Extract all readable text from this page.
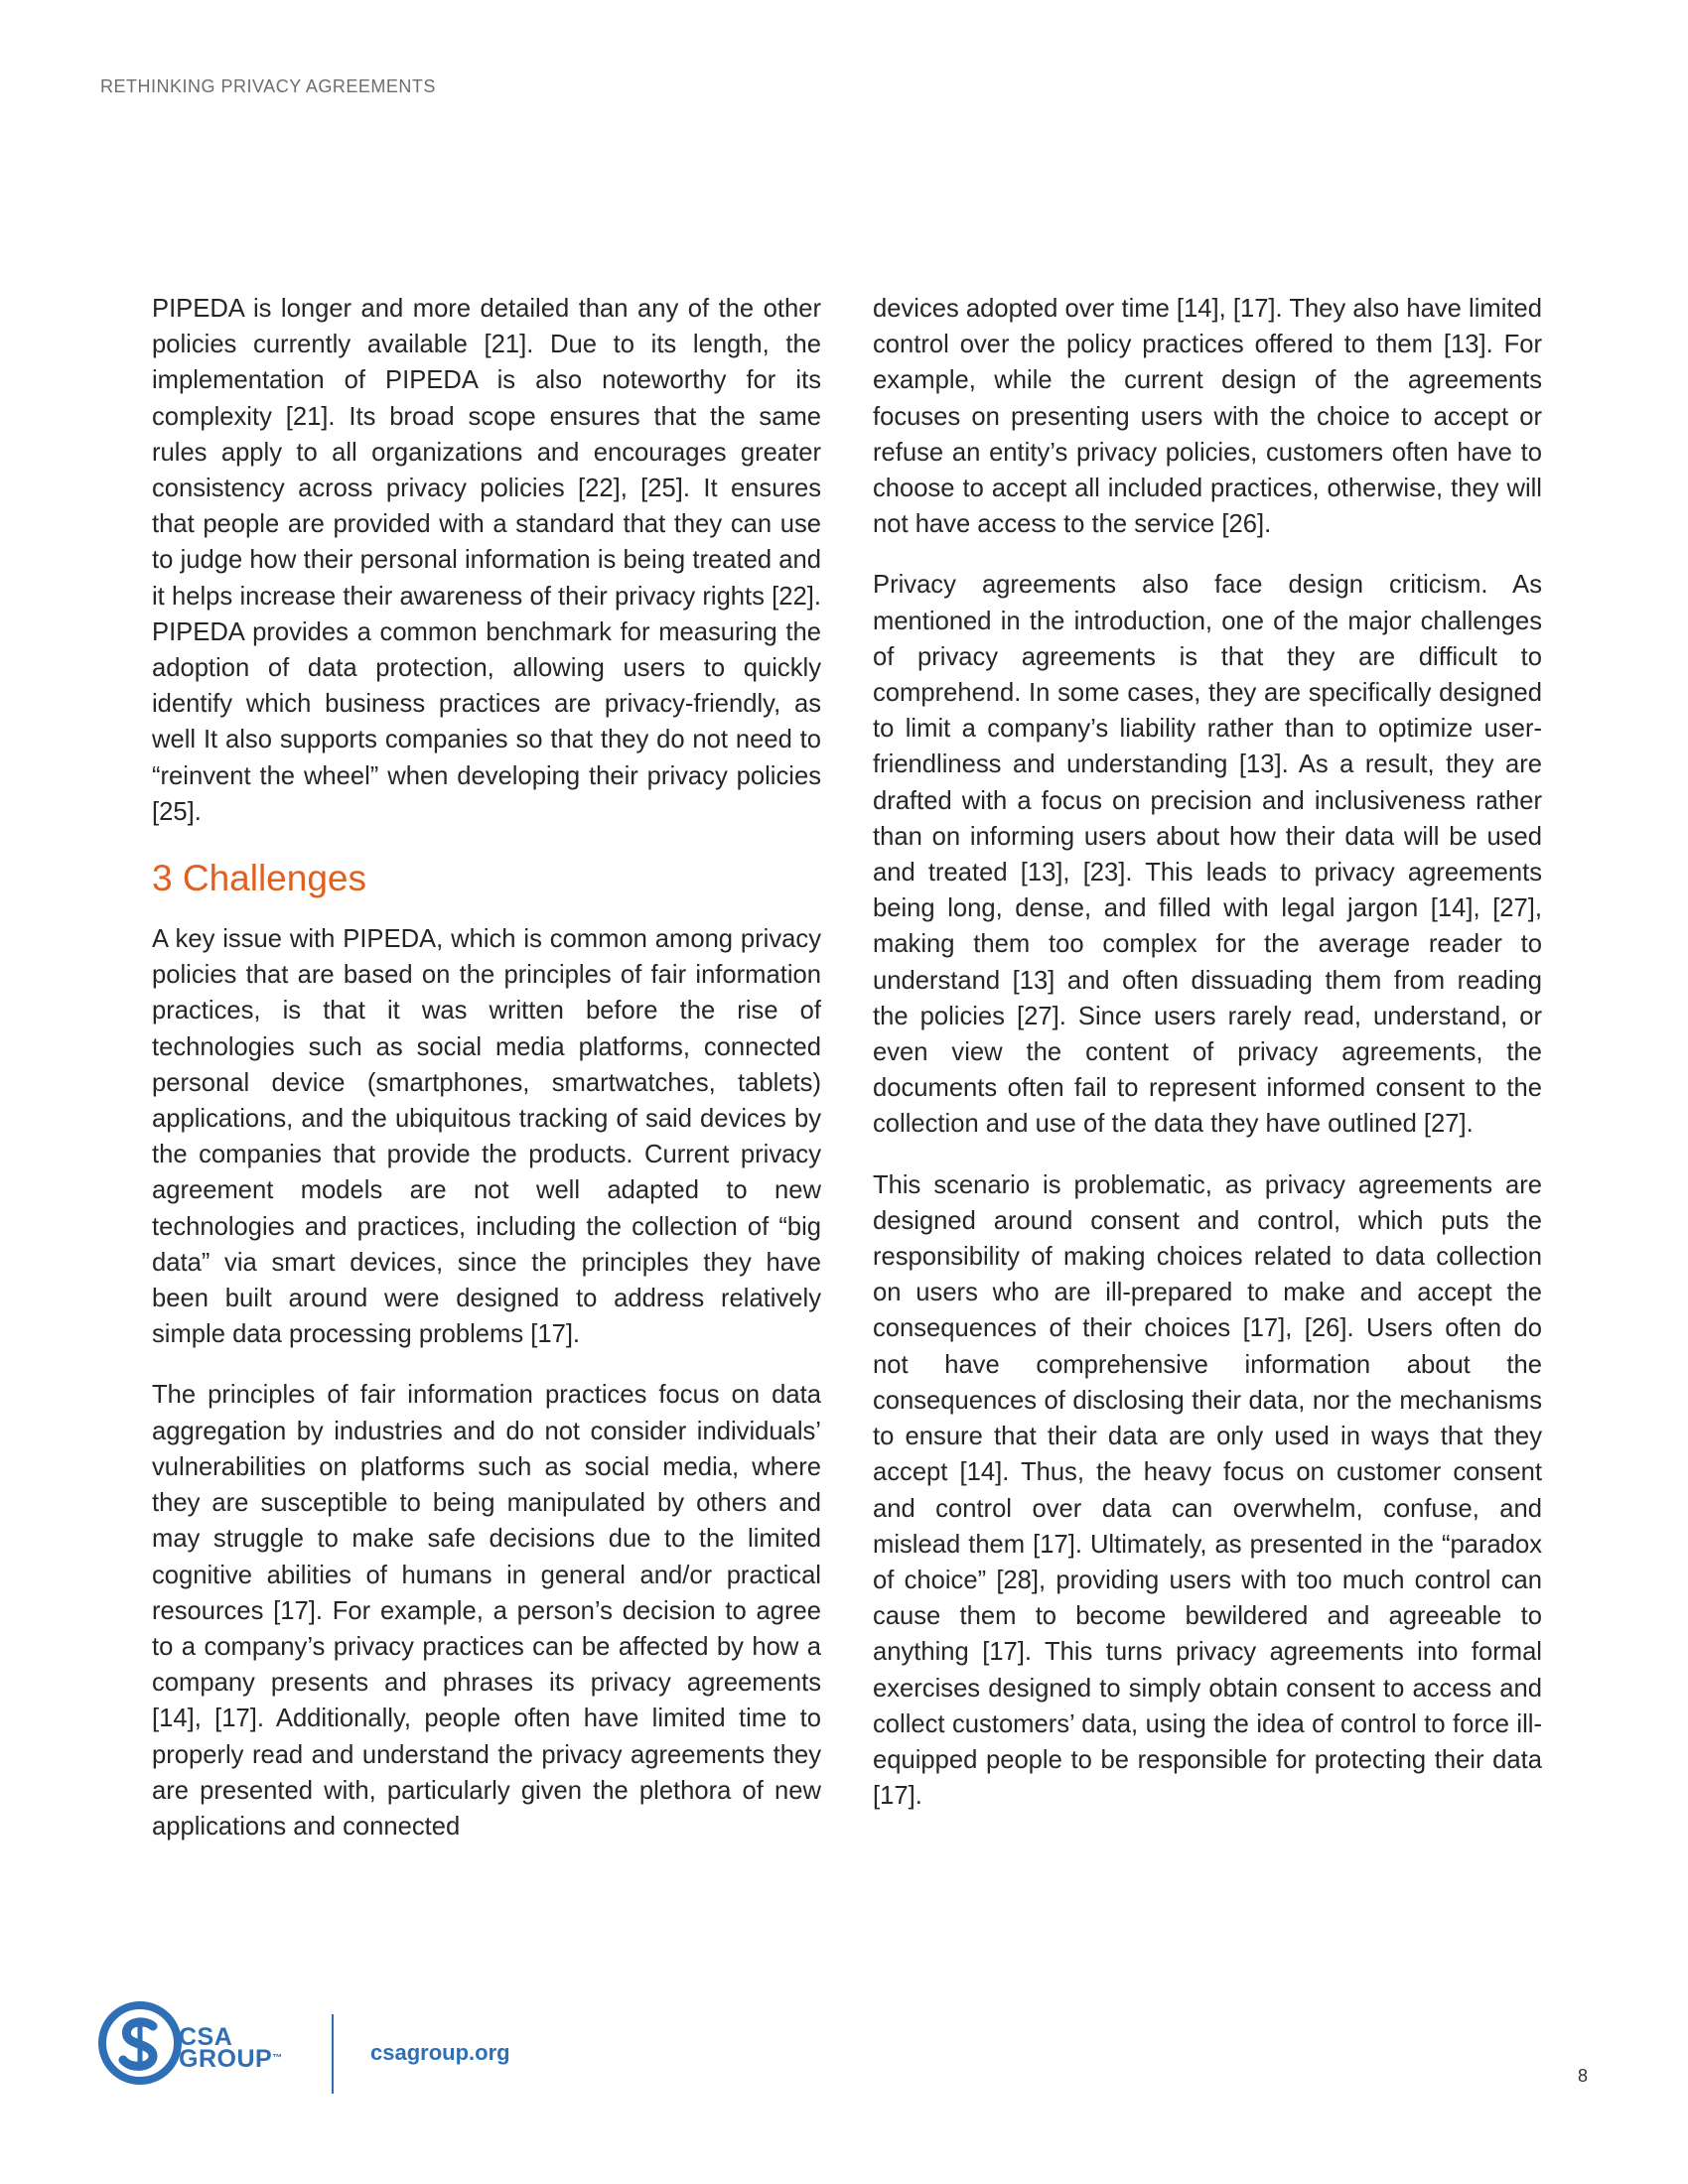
RETHINKING PRIVACY AGREEMENTS

PIPEDA is longer and more detailed than any of the other policies currently available [21]. Due to its length, the implementation of PIPEDA is also noteworthy for its complexity [21]. Its broad scope ensures that the same rules apply to all organizations and encourages greater consistency across privacy policies [22], [25]. It ensures that people are provided with a standard that they can use to judge how their personal information is being treated and it helps increase their awareness of their privacy rights [22]. PIPEDA provides a common benchmark for measuring the adoption of data protection, allowing users to quickly identify which business practices are privacy-friendly, as well It also supports companies so that they do not need to “reinvent the wheel” when developing their privacy policies [25].

3 Challenges

A key issue with PIPEDA, which is common among privacy policies that are based on the principles of fair information practices, is that it was written before the rise of technologies such as social media platforms, connected personal device (smartphones, smartwatches, tablets) applications, and the ubiquitous tracking of said devices by the companies that provide the products. Current privacy agreement models are not well adapted to new technologies and practices, including the collection of “big data” via smart devices, since the principles they have been built around were designed to address relatively simple data processing problems [17].

The principles of fair information practices focus on data aggregation by industries and do not consider individuals’ vulnerabilities on platforms such as social media, where they are susceptible to being manipulated by others and may struggle to make safe decisions due to the limited cognitive abilities of humans in general and/or practical resources [17]. For example, a person’s decision to agree to a company’s privacy practices can be affected by how a company presents and phrases its privacy agreements [14], [17]. Additionally, people often have limited time to properly read and understand the privacy agreements they are presented with, particularly given the plethora of new applications and connected

devices adopted over time [14], [17]. They also have limited control over the policy practices offered to them [13]. For example, while the current design of the agreements focuses on presenting users with the choice to accept or refuse an entity’s privacy policies, customers often have to choose to accept all included practices, otherwise, they will not have access to the service [26].

Privacy agreements also face design criticism. As mentioned in the introduction, one of the major challenges of privacy agreements is that they are difficult to comprehend. In some cases, they are specifically designed to limit a company’s liability rather than to optimize user-friendliness and understanding [13]. As a result, they are drafted with a focus on precision and inclusiveness rather than on informing users about how their data will be used and treated [13], [23]. This leads to privacy agreements being long, dense, and filled with legal jargon [14], [27], making them too complex for the average reader to understand [13] and often dissuading them from reading the policies [27]. Since users rarely read, understand, or even view the content of privacy agreements, the documents often fail to represent informed consent to the collection and use of the data they have outlined [27].

This scenario is problematic, as privacy agreements are designed around consent and control, which puts the responsibility of making choices related to data collection on users who are ill-prepared to make and accept the consequences of their choices [17], [26]. Users often do not have comprehensive information about the consequences of disclosing their data, nor the mechanisms to ensure that their data are only used in ways that they accept [14]. Thus, the heavy focus on customer consent and control over data can overwhelm, confuse, and mislead them [17]. Ultimately, as presented in the “paradox of choice” [28], providing users with too much control can cause them to become bewildered and agreeable to anything [17]. This turns privacy agreements into formal exercises designed to simply obtain consent to access and collect customers’ data, using the idea of control to force ill-equipped people to be responsible for protecting their data [17].

CSA
GROUP™	csagroup.org
8
